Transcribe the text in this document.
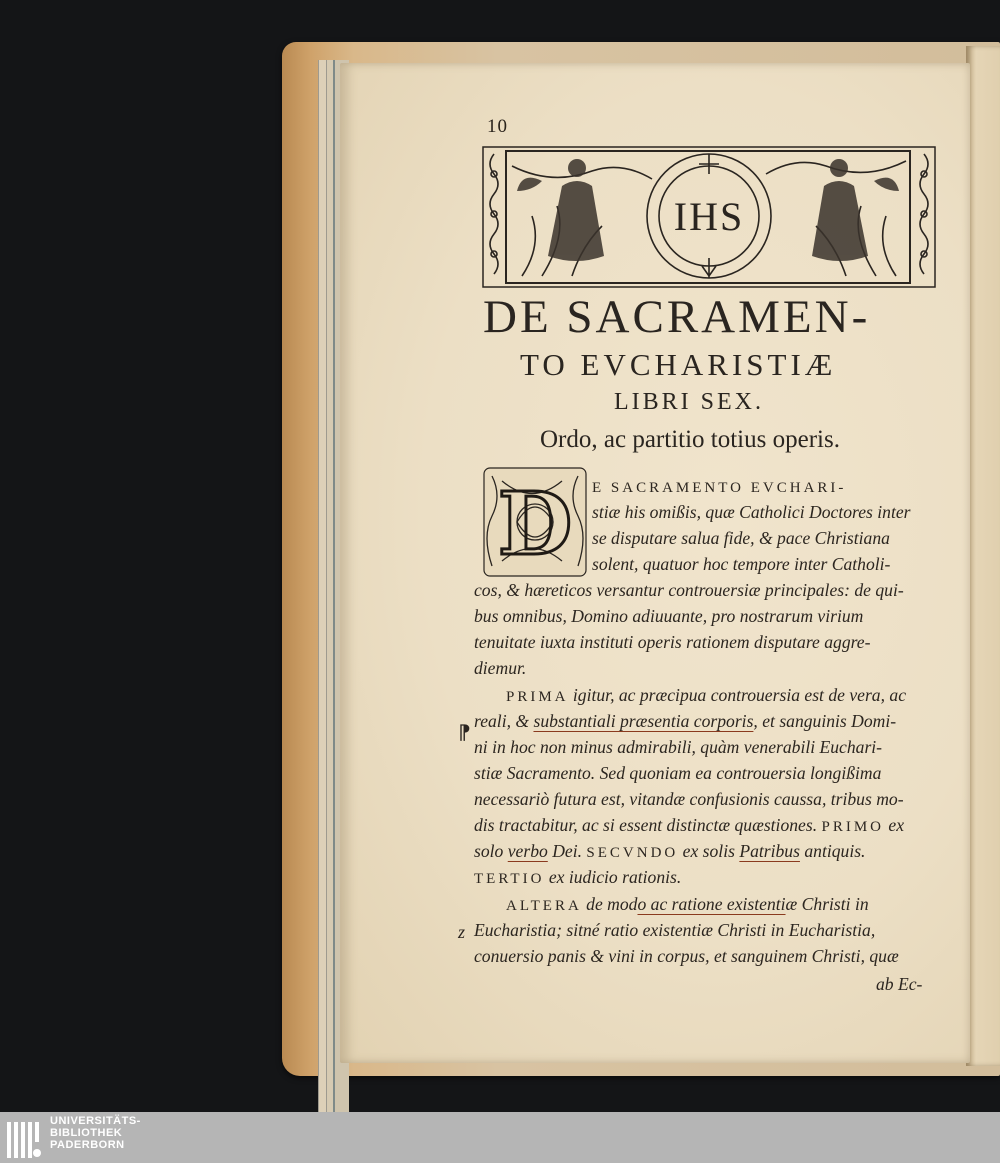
10
IHS
DE SACRAMEN-
TO EVCHARISTIÆ
LIBRI SEX.
Ordo, ac partitio totius operis.
D E SACRAMENTO EVCHARI-
stiæ his omißis, quæ Catholici Doctores inter
se disputare salua fide, & pace Christiana
solent, quatuor hoc tempore inter Catholi-
cos, & hæreticos versantur controuersiæ principales: de qui-
bus omnibus, Domino adiuuante, pro nostrarum virium
tenuitate iuxta instituti operis rationem disputare aggre-
diemur.
PRIMA igitur, ac præcipua controuersia est de vera, ac
reali, & substantiali præsentia corporis, et sanguinis Domi-
ni in hoc non minus admirabili, quàm venerabili Euchari-
stiæ Sacramento. Sed quoniam ea controuersia longißima
necessariò futura est, vitandæ confusionis caussa, tribus mo-
dis tractabitur, ac si essent distinctæ quæstiones. PRIMO ex
solo verbo Dei. SECVNDO ex solis Patribus antiquis.
TERTIO ex iudicio rationis.
ALTERA de modo ac ratione existentiæ Christi in
Eucharistia; sitné ratio existentiæ Christi in Eucharistia,
conuersio panis & vini in corpus, et sanguinem Christi, quæ
ab Ec-
⁋
z
UNIVERSITÄTS-
BIBLIOTHEK
PADERBORN
